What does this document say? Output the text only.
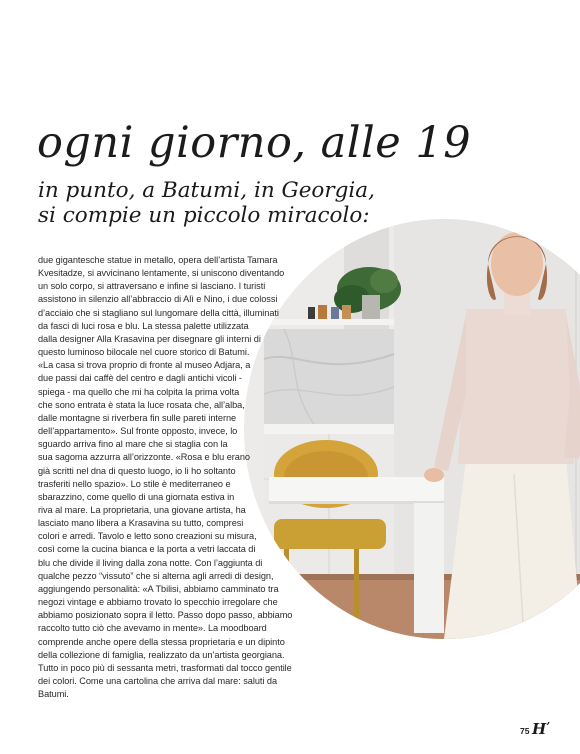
ogni giorno, alle 19
in punto, a Batumi, in Georgia,
si compie un piccolo miracolo:
due gigantesche statue in metallo, opera dell’artista Tamara
Kvesitadze, si avvicinano lentamente, si uniscono diventando
un solo corpo, si attraversano e infine si lasciano. I turisti
assistono in silenzio all’abbraccio di Alì e Nino, i due colossi
d’acciaio che si stagliano sul lungomare della città, illuminati
da fasci di luci rosa e blu. La stessa palette utilizzata
dalla designer Alla Krasavina per disegnare gli interni di
questo luminoso bilocale nel cuore storico di Batumi.
«La casa si trova proprio di fronte al museo Adjara, a
due passi dai caffè del centro e dagli antichi vicoli -
spiega - ma quello che mi ha colpita la prima volta
che sono entrata è stata la luce rosata che, all’alba,
dalle montagne si riverbera fin sulle pareti interne
dell’appartamento». Sul fronte opposto, invece, lo
sguardo arriva fino al mare che si staglia con la
sua sagoma azzurra all’orizzonte. «Rosa e blu erano
già scritti nel dna di questo luogo, io li ho soltanto
trasferiti nello spazio». Lo stile è mediterraneo e
sbarazzino, come quello di una giornata estiva in
riva al mare. La proprietaria, una giovane artista, ha
lasciato mano libera a Krasavina su tutto, compresi
colori e arredi. Tavolo e letto sono creazioni su misura,
così come la cucina bianca e la porta a vetri laccata di
blu che divide il living dalla zona notte. Con l’aggiunta di
qualche pezzo “vissuto” che si alterna agli arredi di design,
aggiungendo personalità: «A Tbilisi, abbiamo camminato tra
negozi vintage e abbiamo trovato lo specchio irregolare che
abbiamo posizionato sopra il letto. Passo dopo passo, abbiamo
raccolto tutto ciò che avevamo in mente». La moodboard
comprende anche opere della stessa proprietaria e un dipinto
della collezione di famiglia, realizzato da un’artista georgiana.
Tutto in poco più di sessanta metri, trasformati dal tocco gentile
dei colori. Come una cartolina che arriva dal mare: saluti da
Batumi.
75 H’
